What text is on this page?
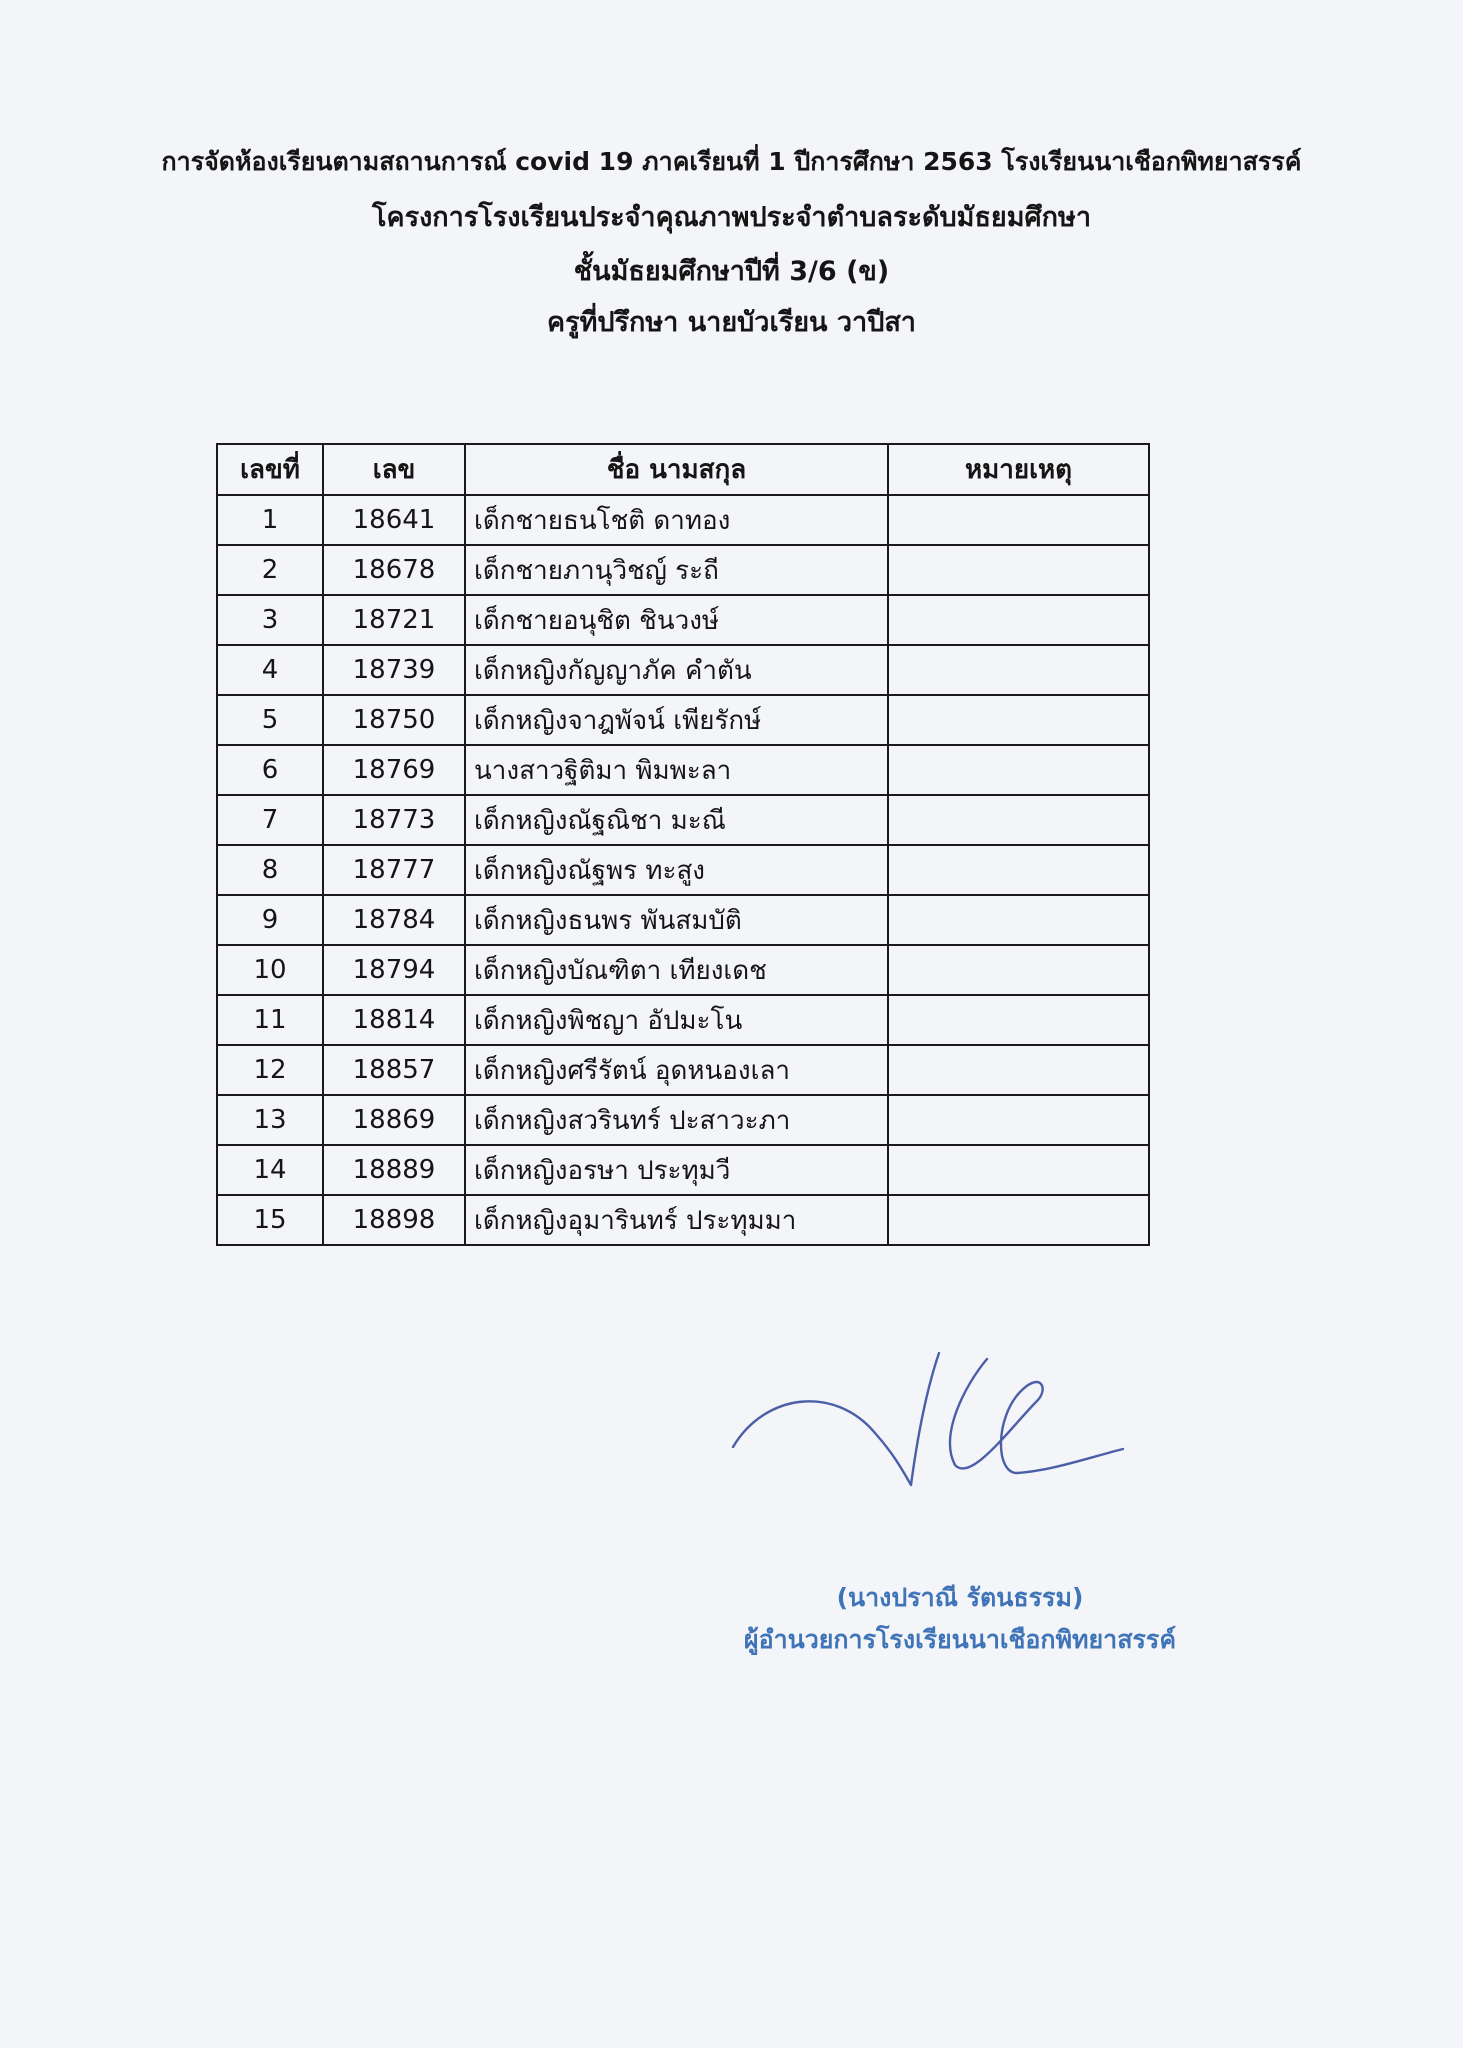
การจัดห้องเรียนตามสถานการณ์ covid 19 ภาคเรียนที่ 1 ปีการศึกษา 2563 โรงเรียนนาเชือกพิทยาสรรค์
โครงการโรงเรียนประจำคุณภาพประจำตำบลระดับมัธยมศึกษา
ชั้นมัธยมศึกษาปีที่ 3/6 (ข)
ครูที่ปรึกษา นายบัวเรียน วาปีสา
เลขที่	เลข	ชื่อ นามสกุล	หมายเหตุ
1	18641	เด็กชายธนโชติ ดาทอง	
2	18678	เด็กชายภานุวิชญ์ ระถี	
3	18721	เด็กชายอนุชิต ชินวงษ์	
4	18739	เด็กหญิงกัญญาภัค คำตัน	
5	18750	เด็กหญิงจาฎพัจน์ เพียรักษ์	
6	18769	นางสาวฐิติมา พิมพะลา	
7	18773	เด็กหญิงณัฐณิชา มะณี	
8	18777	เด็กหญิงณัฐพร ทะสูง	
9	18784	เด็กหญิงธนพร พันสมบัติ	
10	18794	เด็กหญิงบัณฑิตา เทียงเดช	
11	18814	เด็กหญิงพิชญา อัปมะโน	
12	18857	เด็กหญิงศรีรัตน์ อุดหนองเลา	
13	18869	เด็กหญิงสวรินทร์ ปะสาวะภา	
14	18889	เด็กหญิงอรษา ประทุมวี	
15	18898	เด็กหญิงอุมารินทร์ ประทุมมา	
(นางปราณี รัตนธรรม)
ผู้อำนวยการโรงเรียนนาเชือกพิทยาสรรค์
